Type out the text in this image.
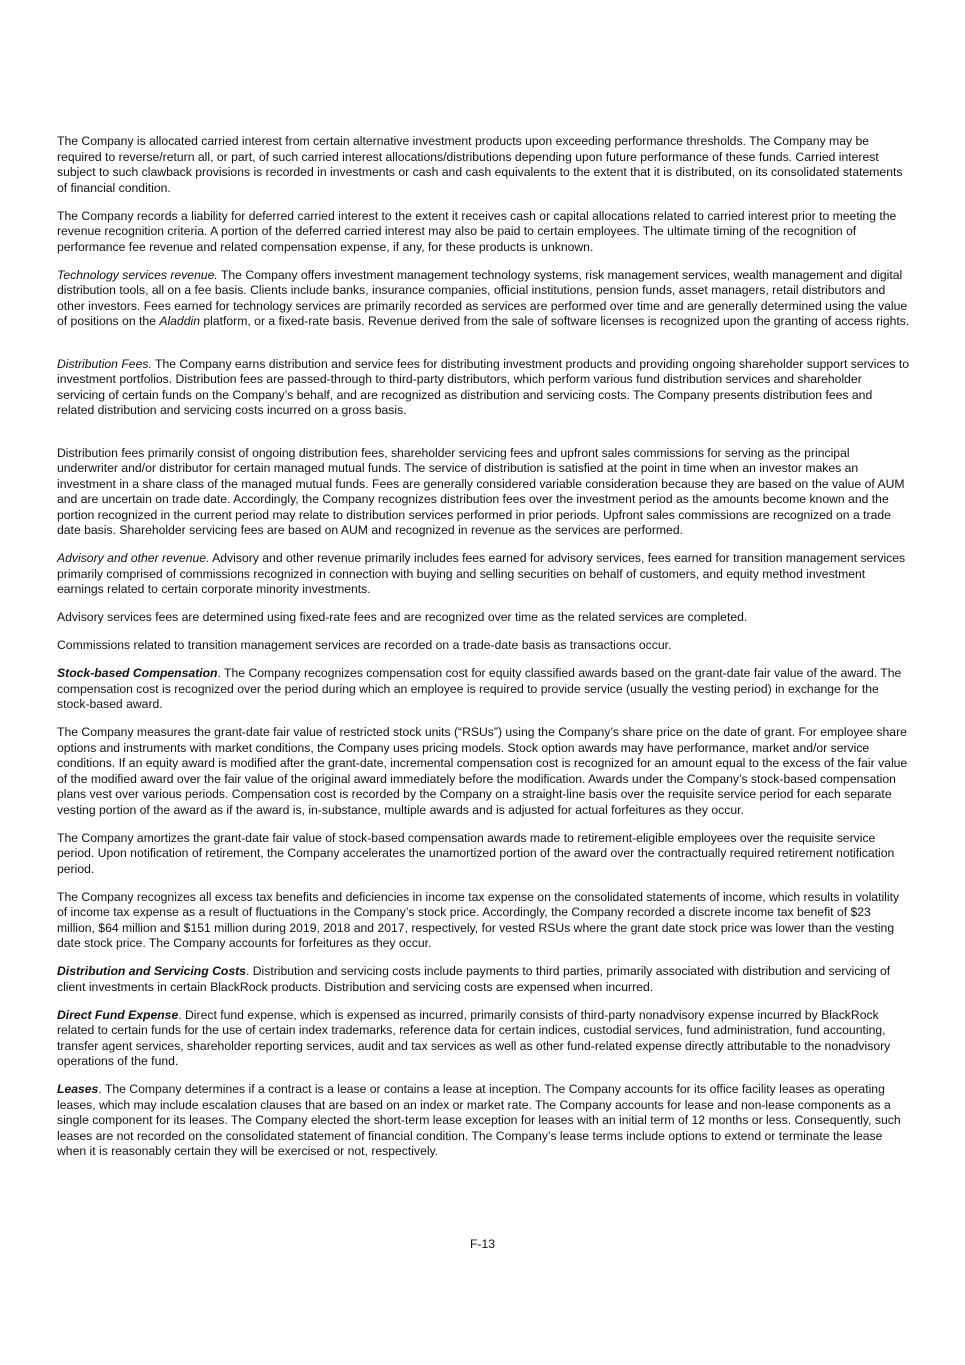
The Company is allocated carried interest from certain alternative investment products upon exceeding performance thresholds. The Company may be required to reverse/return all, or part, of such carried interest allocations/distributions depending upon future performance of these funds. Carried interest subject to such clawback provisions is recorded in investments or cash and cash equivalents to the extent that it is distributed, on its consolidated statements of financial condition.

The Company records a liability for deferred carried interest to the extent it receives cash or capital allocations related to carried interest prior to meeting the revenue recognition criteria. A portion of the deferred carried interest may also be paid to certain employees. The ultimate timing of the recognition of performance fee revenue and related compensation expense, if any, for these products is unknown.

Technology services revenue. The Company offers investment management technology systems, risk management services, wealth management and digital distribution tools, all on a fee basis. Clients include banks, insurance companies, official institutions, pension funds, asset managers, retail distributors and other investors. Fees earned for technology services are primarily recorded as services are performed over time and are generally determined using the value of positions on the Aladdin platform, or a fixed-rate basis. Revenue derived from the sale of software licenses is recognized upon the granting of access rights.

Distribution Fees. The Company earns distribution and service fees for distributing investment products and providing ongoing shareholder support services to investment portfolios. Distribution fees are passed-through to third-party distributors, which perform various fund distribution services and shareholder servicing of certain funds on the Company’s behalf, and are recognized as distribution and servicing costs. The Company presents distribution fees and related distribution and servicing costs incurred on a gross basis.

Distribution fees primarily consist of ongoing distribution fees, shareholder servicing fees and upfront sales commissions for serving as the principal underwriter and/or distributor for certain managed mutual funds. The service of distribution is satisfied at the point in time when an investor makes an investment in a share class of the managed mutual funds. Fees are generally considered variable consideration because they are based on the value of AUM and are uncertain on trade date. Accordingly, the Company recognizes distribution fees over the investment period as the amounts become known and the portion recognized in the current period may relate to distribution services performed in prior periods. Upfront sales commissions are recognized on a trade date basis. Shareholder servicing fees are based on AUM and recognized in revenue as the services are performed.

Advisory and other revenue. Advisory and other revenue primarily includes fees earned for advisory services, fees earned for transition management services primarily comprised of commissions recognized in connection with buying and selling securities on behalf of customers, and equity method investment earnings related to certain corporate minority investments.

Advisory services fees are determined using fixed-rate fees and are recognized over time as the related services are completed.

Commissions related to transition management services are recorded on a trade-date basis as transactions occur.

Stock-based Compensation. The Company recognizes compensation cost for equity classified awards based on the grant-date fair value of the award. The compensation cost is recognized over the period during which an employee is required to provide service (usually the vesting period) in exchange for the stock-based award.

The Company measures the grant-date fair value of restricted stock units (“RSUs”) using the Company’s share price on the date of grant. For employee share options and instruments with market conditions, the Company uses pricing models. Stock option awards may have performance, market and/or service conditions. If an equity award is modified after the grant-date, incremental compensation cost is recognized for an amount equal to the excess of the fair value of the modified award over the fair value of the original award immediately before the modification. Awards under the Company’s stock-based compensation plans vest over various periods. Compensation cost is recorded by the Company on a straight-line basis over the requisite service period for each separate vesting portion of the award as if the award is, in-substance, multiple awards and is adjusted for actual forfeitures as they occur.

The Company amortizes the grant-date fair value of stock-based compensation awards made to retirement-eligible employees over the requisite service period. Upon notification of retirement, the Company accelerates the unamortized portion of the award over the contractually required retirement notification period.

The Company recognizes all excess tax benefits and deficiencies in income tax expense on the consolidated statements of income, which results in volatility of income tax expense as a result of fluctuations in the Company’s stock price. Accordingly, the Company recorded a discrete income tax benefit of $23 million, $64 million and $151 million during 2019, 2018 and 2017, respectively, for vested RSUs where the grant date stock price was lower than the vesting date stock price. The Company accounts for forfeitures as they occur.

Distribution and Servicing Costs. Distribution and servicing costs include payments to third parties, primarily associated with distribution and servicing of client investments in certain BlackRock products. Distribution and servicing costs are expensed when incurred.

Direct Fund Expense. Direct fund expense, which is expensed as incurred, primarily consists of third-party nonadvisory expense incurred by BlackRock related to certain funds for the use of certain index trademarks, reference data for certain indices, custodial services, fund administration, fund accounting, transfer agent services, shareholder reporting services, audit and tax services as well as other fund-related expense directly attributable to the nonadvisory operations of the fund.

Leases. The Company determines if a contract is a lease or contains a lease at inception. The Company accounts for its office facility leases as operating leases, which may include escalation clauses that are based on an index or market rate. The Company accounts for lease and non-lease components as a single component for its leases. The Company elected the short-term lease exception for leases with an initial term of 12 months or less. Consequently, such leases are not recorded on the consolidated statement of financial condition. The Company’s lease terms include options to extend or terminate the lease when it is reasonably certain they will be exercised or not, respectively.

F-13
